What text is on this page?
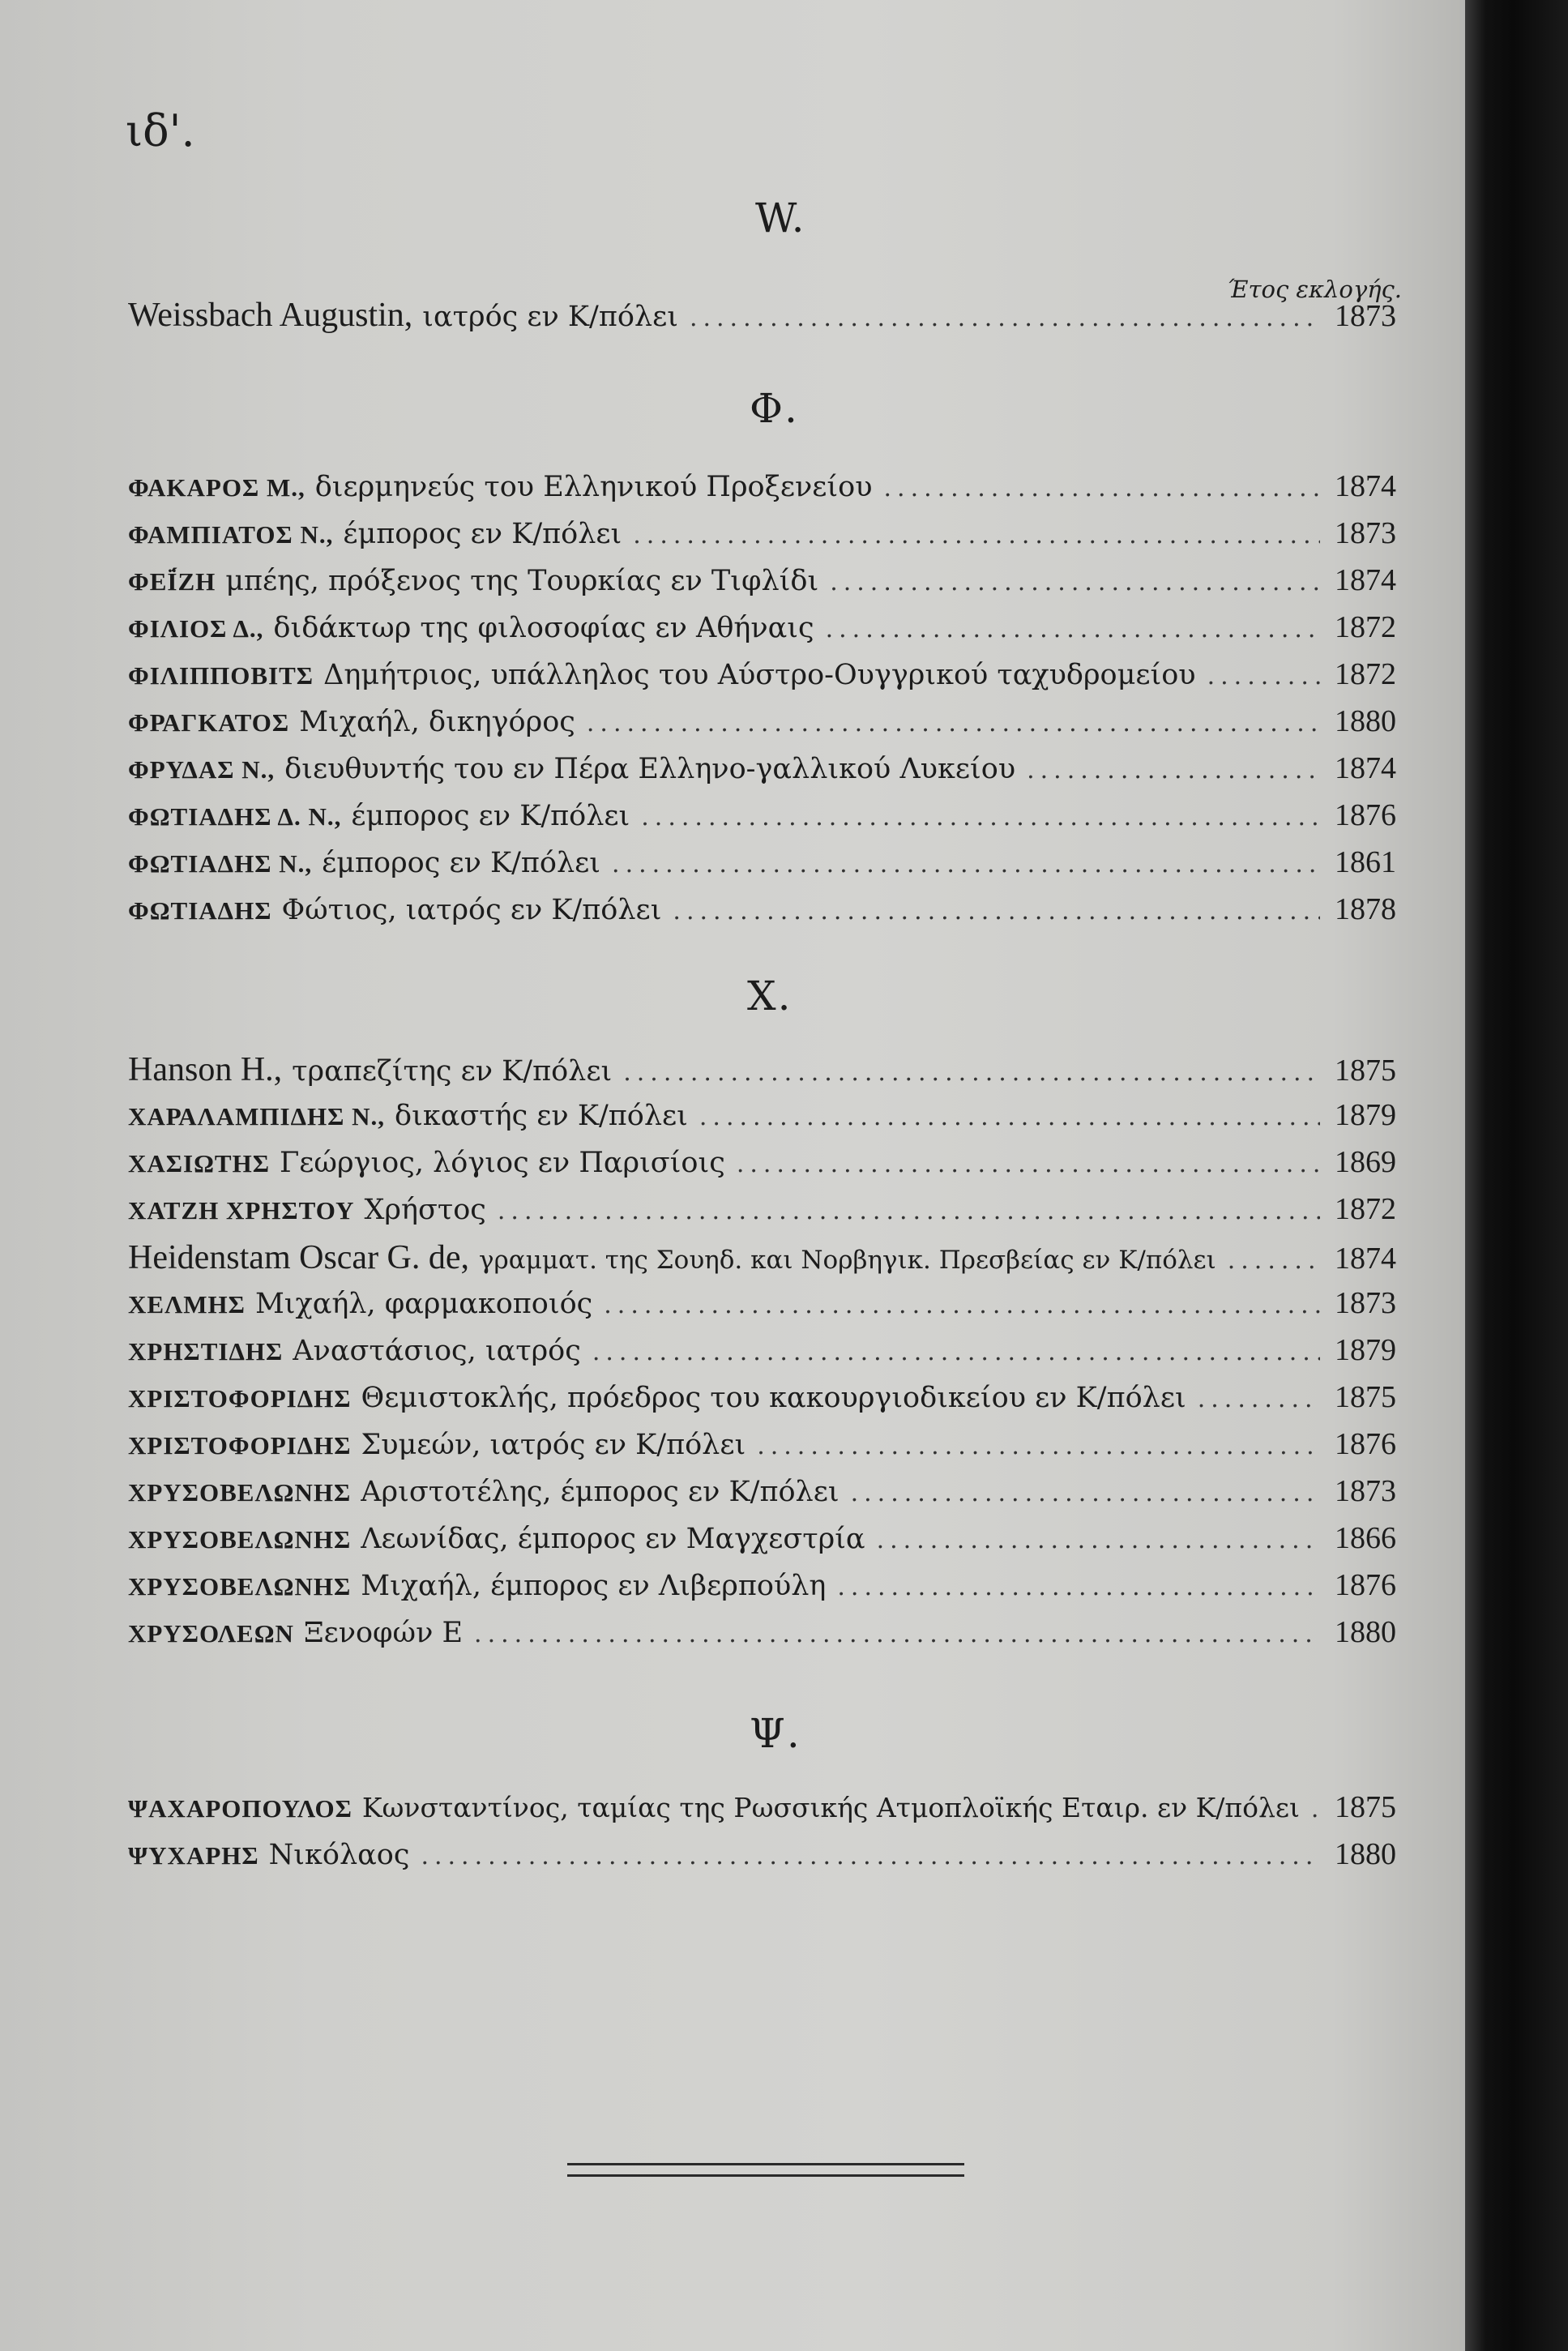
ιδ'.
W.
Έτος εκλογής.
Weissbach Augustin, ιατρός εν Κ/πόλει .....	1873
Φ.
ΦΑΚΑΡΟΣ Μ., διερμηνεύς του Ελληνικού Προξενείου .....	1874
ΦΑΜΠΙΑΤΟΣ Ν., έμπορος εν Κ/πόλει .....	1873
ΦΕΪ́ΖΗ μπέης, πρόξενος της Τουρκίας εν Τιφλίδι .....	1874
ΦΙΛΙΟΣ Δ., διδάκτωρ της φιλοσοφίας εν Αθήναις .....	1872
ΦΙΛΙΠΠOΒΙΤΣ Δημήτριος, υπάλληλος του Αύστρο-Ουγγρικού ταχυδρομείου .....	1872
ΦΡΑΓΚΑΤΟΣ Μιχαήλ, δικηγόρος .....	1880
ΦΡΥΔΑΣ Ν., διευθυντής του εν Πέρα Ελληνο-γαλλικού Λυκείου .....	1874
ΦΩΤΙΑΔΗΣ Δ. Ν., έμπορος εν Κ/πόλει .....	1876
ΦΩΤΙΑΔΗΣ Ν., έμπορος εν Κ/πόλει .....	1861
ΦΩΤΙΑΔΗΣ Φώτιος, ιατρός εν Κ/πόλει .....	1878
Χ.
Hanson H., τραπεζίτης εν Κ/πόλει .....	1875
ΧΑΡΑΛΑΜΠΙΔΗΣ Ν., δικαστής εν Κ/πόλει .....	1879
ΧΑΣΙΩΤΗΣ Γεώργιος, λόγιος εν Παρισίοις .....	1869
ΧΑΤΖΗ ΧΡΗΣΤΟΥ Χρήστος .....	1872
Heidenstam Oscar G. de, γραμματ. της Σουηδ. και Νορβηγικ. Πρεσβείας εν Κ/πόλει .....	1874
ΧΕΛΜΗΣ Μιχαήλ, φαρμακοποιός .....	1873
ΧΡΗΣΤΙΔΗΣ Αναστάσιος, ιατρός .....	1879
ΧΡΙΣΤΟΦΟΡΙΔΗΣ Θεμιστοκλής, πρόεδρος του κακουργιοδικείου εν Κ/πόλει .....	1875
ΧΡΙΣΤΟΦΟΡΙΔΗΣ Συμεών, ιατρός εν Κ/πόλει .....	1876
ΧΡΥΣΟΒΕΛΩΝΗΣ Αριστοτέλης, έμπορος εν Κ/πόλει .....	1873
ΧΡΥΣΟΒΕΛΩΝΗΣ Λεωνίδας, έμπορος εν Μαγχεστρία .....	1866
ΧΡΥΣΟΒΕΛΩΝΗΣ Μιχαήλ, έμπορος εν Λιβερπούλη .....	1876
ΧΡΥΣΟΛΕΩΝ Ξενοφών Ε .....	1880
Ψ.
ΨΑΧΑΡΟΠΟΥΛΟΣ Κωνσταντίνος, ταμίας της Ρωσσικής Ατμοπλοϊκής Εταιρ. εν Κ/πόλει ..... 1875
ΨΥΧΑΡΗΣ Νικόλαος .....	1880
